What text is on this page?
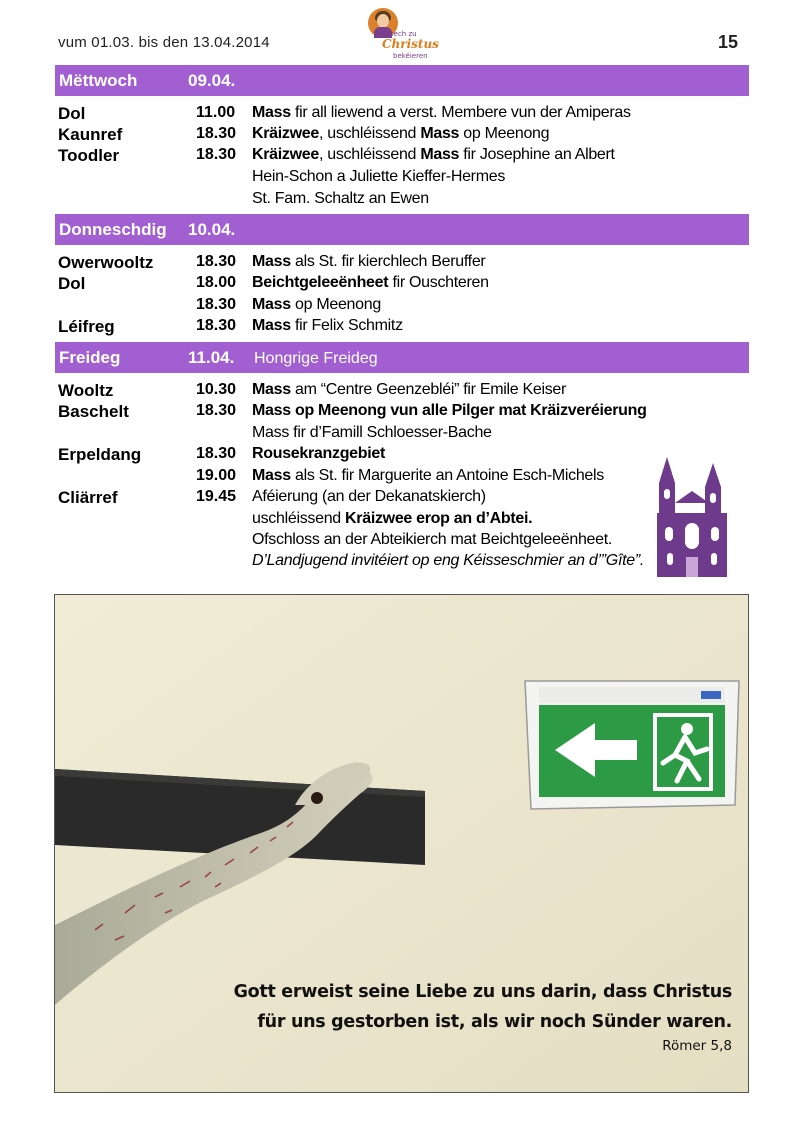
vum 01.03. bis den 13.04.2014	sech zu
Christus
bekéieren
15
Mëttwoch	09.04.
Dol	11.00 Mass fir all liewend a verst. Membere vun der Amiperas
Kaunref	18.30 Kräizwee, uschléissend Mass op Meenong
Toodler	18.30 Kräizwee, uschléissend Mass fir Josephine an Albert
Hein-Schon a Juliette Kieffer-Hermes
St. Fam. Schaltz an Ewen
Donneschdig 10.04.
Owerwooltz	18.30 Mass als St. fir kierchlech Beruffer
Dol	18.00 Beichtgeleeënheet fir Ouschteren
18.30 Mass op Meenong
Léifreg	18.30 Mass fir Felix Schmitz
Freideg	11.04. Hongrige Freideg
Wooltz	10.30 Mass am “Centre Geenzebléi” fir Emile Keiser
Baschelt	18.30 Mass op Meenong vun alle Pilger mat Kräizveréierung
Mass fir d’Famill Schloesser-Bache
Erpeldang	18.30 Rousekranzgebiet
19.00 Mass als St. fir Marguerite an Antoine Esch-Michels
Cliärref	19.45 Aféierung (an der Dekanatskierch)
uschléissend Kräizwee erop an d’Abtei.
Ofschloss an der Abteikierch mat Beichtgeleeënheet.
D’Landjugend invitéiert op eng Kéisseschmier an d’”Gîte”.
Gott erweist seine Liebe zu uns darin, dass Christus
für uns gestorben ist, als wir noch Sünder waren.
Römer 5,8
